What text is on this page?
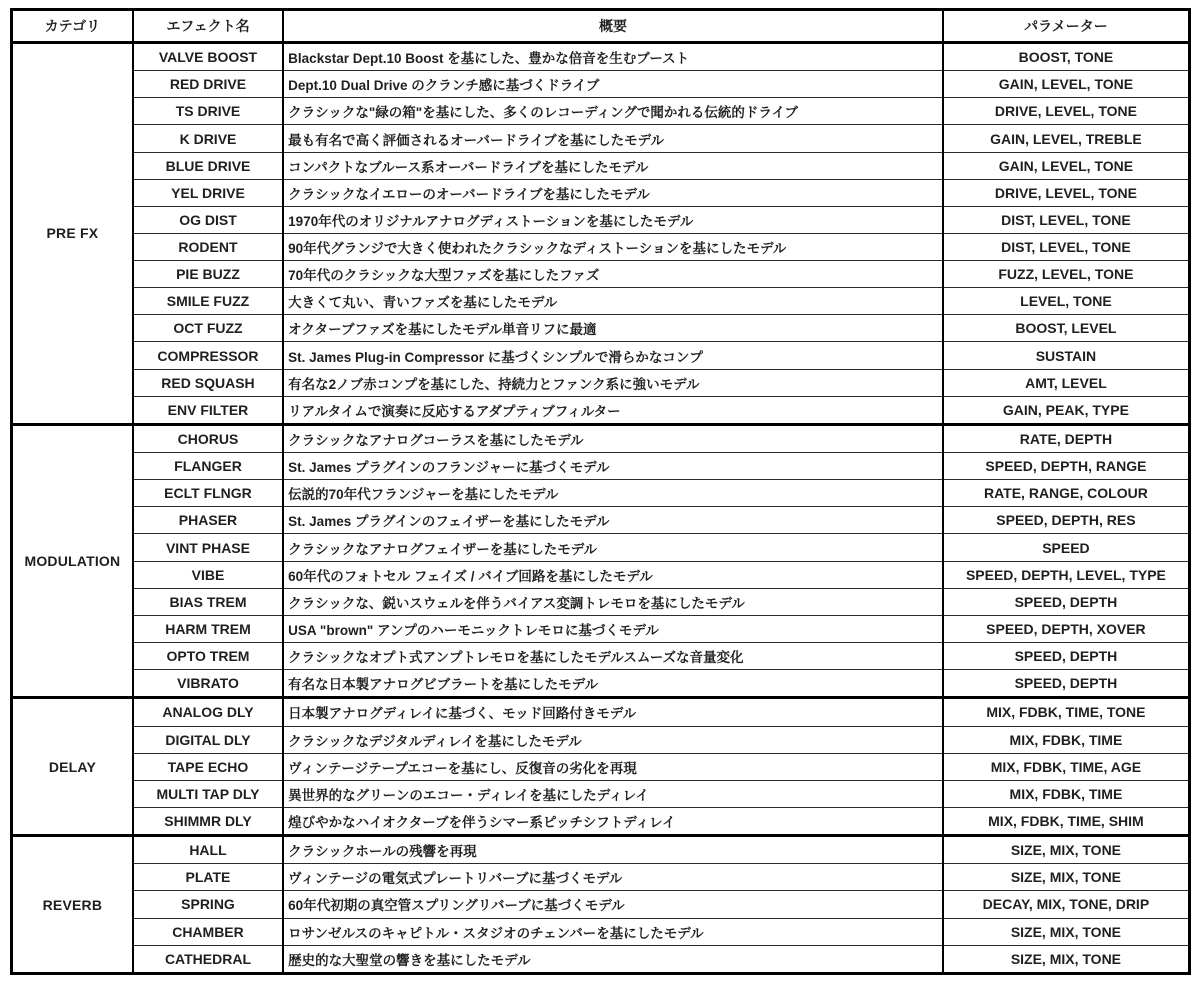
カテゴリ	エフェクト名	概要	パラメーター
PRE FX	VALVE BOOST	Blackstar Dept.10 Boost を基にした、豊かな倍音を生むブースト	BOOST, TONE
	RED DRIVE	Dept.10 Dual Drive のクランチ感に基づくドライブ	GAIN, LEVEL, TONE
	TS DRIVE	クラシックな"緑の箱"を基にした、多くのレコーディングで聞かれる伝統的ドライブ	DRIVE, LEVEL, TONE
	K DRIVE	最も有名で高く評価されるオーバードライブを基にしたモデル	GAIN, LEVEL, TREBLE
	BLUE DRIVE	コンパクトなブルース系オーバードライブを基にしたモデル	GAIN, LEVEL, TONE
	YEL DRIVE	クラシックなイエローのオーバードライブを基にしたモデル	DRIVE, LEVEL, TONE
	OG DIST	1970年代のオリジナルアナログディストーションを基にしたモデル	DIST, LEVEL, TONE
	RODENT	90年代グランジで大きく使われたクラシックなディストーションを基にしたモデル	DIST, LEVEL, TONE
	PIE BUZZ	70年代のクラシックな大型ファズを基にしたファズ	FUZZ, LEVEL, TONE
	SMILE FUZZ	大きくて丸い、青いファズを基にしたモデル	LEVEL, TONE
	OCT FUZZ	オクターブファズを基にしたモデル単音リフに最適	BOOST, LEVEL
	COMPRESSOR	St. James Plug-in Compressor に基づくシンプルで滑らかなコンプ	SUSTAIN
	RED SQUASH	有名な2ノブ赤コンプを基にした、持続力とファンク系に強いモデル	AMT, LEVEL
	ENV FILTER	リアルタイムで演奏に反応するアダプティブフィルター	GAIN, PEAK, TYPE
MODULATION	CHORUS	クラシックなアナログコーラスを基にしたモデル	RATE, DEPTH
	FLANGER	St. James プラグインのフランジャーに基づくモデル	SPEED, DEPTH, RANGE
	ECLT FLNGR	伝説的70年代フランジャーを基にしたモデル	RATE, RANGE, COLOUR
	PHASER	St. James プラグインのフェイザーを基にしたモデル	SPEED, DEPTH, RES
	VINT PHASE	クラシックなアナログフェイザーを基にしたモデル	SPEED
	VIBE	60年代のフォトセル フェイズ / バイブ回路を基にしたモデル	SPEED, DEPTH, LEVEL, TYPE
	BIAS TREM	クラシックな、鋭いスウェルを伴うバイアス変調トレモロを基にしたモデル	SPEED, DEPTH
	HARM TREM	USA "brown" アンプのハーモニックトレモロに基づくモデル	SPEED, DEPTH, XOVER
	OPTO TREM	クラシックなオプト式アンプトレモロを基にしたモデルスムーズな音量変化	SPEED, DEPTH
	VIBRATO	有名な日本製アナログビブラートを基にしたモデル	SPEED, DEPTH
DELAY	ANALOG DLY	日本製アナログディレイに基づく、モッド回路付きモデル	MIX, FDBK, TIME, TONE
	DIGITAL DLY	クラシックなデジタルディレイを基にしたモデル	MIX, FDBK, TIME
	TAPE ECHO	ヴィンテージテープエコーを基にし、反復音の劣化を再現	MIX, FDBK, TIME, AGE
	MULTI TAP DLY	異世界的なグリーンのエコー・ディレイを基にしたディレイ	MIX, FDBK, TIME
	SHIMMR DLY	煌びやかなハイオクターブを伴うシマー系ピッチシフトディレイ	MIX, FDBK, TIME, SHIM
REVERB	HALL	クラシックホールの残響を再現	SIZE, MIX, TONE
	PLATE	ヴィンテージの電気式プレートリバーブに基づくモデル	SIZE, MIX, TONE
	SPRING	60年代初期の真空管スプリングリバーブに基づくモデル	DECAY, MIX, TONE, DRIP
	CHAMBER	ロサンゼルスのキャピトル・スタジオのチェンバーを基にしたモデル	SIZE, MIX, TONE
	CATHEDRAL	歴史的な大聖堂の響きを基にしたモデル	SIZE, MIX, TONE
